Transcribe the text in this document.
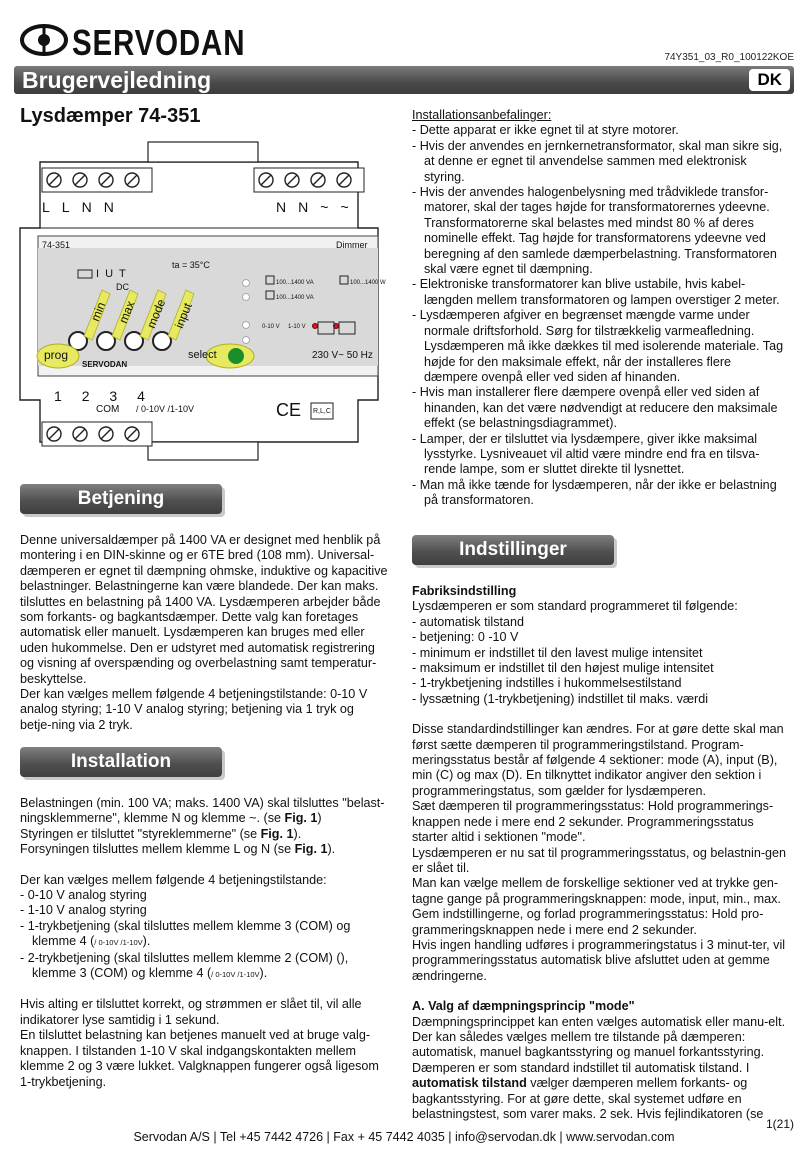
SERVODAN	74Y351_03_R0_100122KOE
Brugervejledning	DK
Lysdæmper 74-351
LLNN	NN~~
74-351	Dimmer
I  U  T
DC
ta = 35°C
100...1400 VA	100...1400 W
100...1400 VA
0-10 V 1-10 V
min max mode input
prog	select
SERVODAN
230 V~ 50 Hz
1 2 3 4
COM / 0-10V /1-10V	CE R,L,C
Betjening

Denne universaldæmper på 1400 VA er designet med henblik på montering i en DIN-skinne og er 6TE bred (108 mm). Universal-dæmperen er egnet til dæmpning ohmske, induktive og kapacitive belastninger. Belastningerne kan være blandede. Der kan maks. tilsluttes en belastning på 1400 VA. Lysdæmperen arbejder både som forkants- og bagkantsdæmper. Dette valg kan foretages automatisk eller manuelt. Lysdæmperen kan bruges med eller uden hukommelse. Den er udstyret med automatisk registrering og visning af overspænding og overbelastning samt temperatur-beskyttelse.

Der kan vælges mellem følgende 4 betjeningstilstande: 0-10 V analog styring; 1-10 V analog styring; betjening via 1 tryk og betje-ning via 2 tryk.

Installation

Belastningen (min. 100 VA; maks. 1400 VA) skal tilsluttes "belast-ningsklemmerne", klemme N og klemme ~. (se Fig. 1)

Styringen er tilsluttet "styreklemmerne" (se Fig. 1).

Forsyningen tilsluttes mellem klemme L og N (se Fig. 1).

Der kan vælges mellem følgende 4 betjeningstilstande:

- 0-10 V analog styring
- 1-10 V analog styring
- 1-trykbetjening (skal tilsluttes mellem klemme 3 (COM) og klemme 4 (/ 0-10V /1-10V).
- 2-trykbetjening (skal tilsluttes mellem klemme 2 (COM) (), klemme 3 (COM) og klemme 4 (/ 0-10V /1-10V).

Hvis alting er tilsluttet korrekt, og strømmen er slået til, vil alle indikatorer lyse samtidig i 1 sekund.

En tilsluttet belastning kan betjenes manuelt ved at bruge valg-knappen. I tilstanden 1-10 V skal indgangskontakten mellem klemme 2 og 3 være lukket. Valgknappen fungerer også ligesom 1-trykbetjening.

Installationsanbefalinger:

- Dette apparat er ikke egnet til at styre motorer.
- Hvis der anvendes en jernkernetransformator, skal man sikre sig, at denne er egnet til anvendelse sammen med elektronisk styring.
- Hvis der anvendes halogenbelysning med trådviklede transfor-matorer, skal der tages højde for transformatorernes ydeevne. Transformatorerne skal belastes med mindst 80 % af deres nominelle effekt. Tag højde for transformatorens ydeevne ved beregning af den samlede dæmperbelastning. Transformatoren skal være egnet til dæmpning.
- Elektroniske transformatorer kan blive ustabile, hvis kabel-længden mellem transformatoren og lampen overstiger 2 meter.
- Lysdæmperen afgiver en begrænset mængde varme under normale driftsforhold. Sørg for tilstrækkelig varmeafledning. Lysdæmperen må ikke dækkes til med isolerende materiale. Tag højde for den maksimale effekt, når der installeres flere dæmpere ovenpå eller ved siden af hinanden.
- Hvis man installerer flere dæmpere ovenpå eller ved siden af hinanden, kan det være nødvendigt at reducere den maksimale effekt (se belastningsdiagrammet).
- Lamper, der er tilsluttet via lysdæmpere, giver ikke maksimal lysstyrke. Lysniveauet vil altid være mindre end fra en tilsva-rende lampe, som er sluttet direkte til lysnettet.
- Man må ikke tænde for lysdæmperen, når der ikke er belastning på transformatoren.
Indstillinger

Fabriksindstilling

Lysdæmperen er som standard programmeret til følgende:

- automatisk tilstand
- betjening: 0 -10 V
- minimum er indstillet til den lavest mulige intensitet
- maksimum er indstillet til den højest mulige intensitet
- 1-trykbetjening indstilles i hukommelsestilstand
- lyssætning (1-trykbetjening) indstillet til maks. værdi

Disse standardindstillinger kan ændres. For at gøre dette skal man først sætte dæmperen til programmeringstilstand. Program-meringsstatus består af følgende 4 sektioner: mode (A), input (B), min (C) og max (D). En tilknyttet indikator angiver den sektion i programmeringstatus, som gælder for lysdæmperen.

Sæt dæmperen til programmeringsstatus: Hold programmerings-knappen nede i mere end 2 sekunder. Programmeringsstatus starter altid i sektionen "mode".

Lysdæmperen er nu sat til programmeringsstatus, og belastnin-gen er slået til.

Man kan vælge mellem de forskellige sektioner ved at trykke gen-tagne gange på programmeringsknappen: mode, input, min., max. Gem indstillingerne, og forlad programmeringsstatus: Hold pro-grammeringsknappen nede i mere end 2 sekunder.

Hvis ingen handling udføres i programmeringstatus i 3 minut-ter, vil programmeringsstatus automatisk blive afsluttet uden at gemme ændringerne.

A. Valg af dæmpningsprincip "mode"

Dæmpningsprincippet kan enten vælges automatisk eller manu-elt. Der kan således vælges mellem tre tilstande på dæmperen: automatisk, manuel bagkantsstyring og manuel forkantsstyring. Dæmperen er som standard indstillet til automatisk tilstand. I automatisk tilstand vælger dæmperen mellem forkants- og bagkantsstyring. For at gøre dette, skal systemet udføre en belastningstest, som varer maks. 2 sek. Hvis fejlindikatoren (se

1(21)
Servodan A/S | Tel +45 7442 4726 | Fax + 45 7442 4035 | info@servodan.dk | www.servodan.com
